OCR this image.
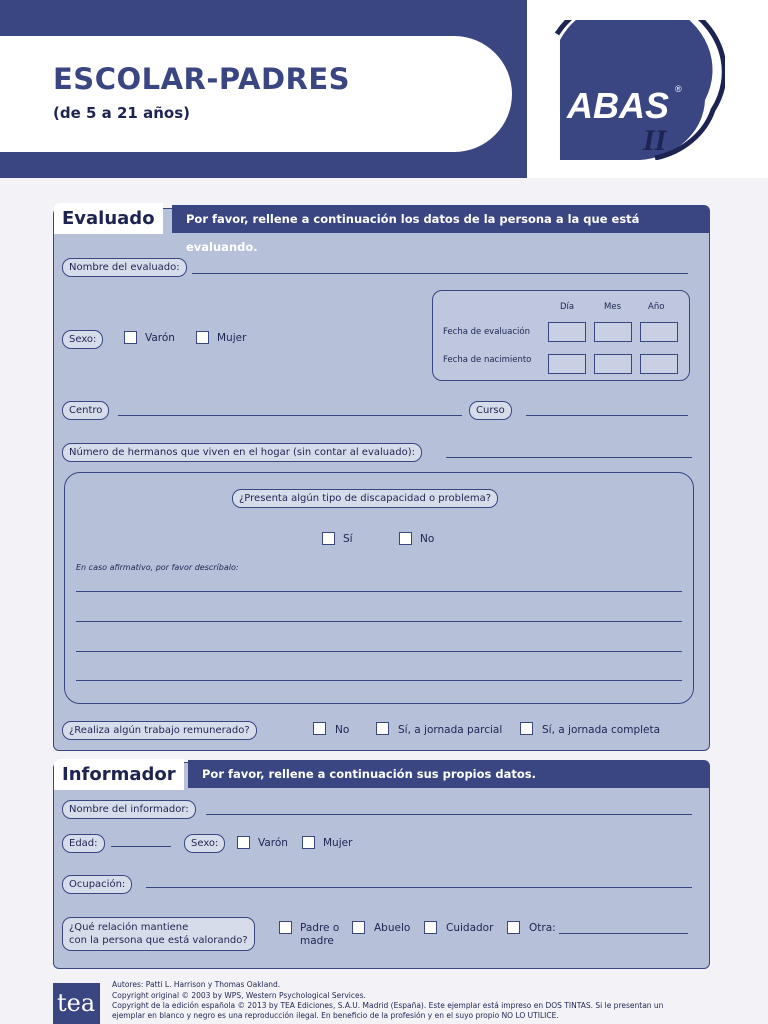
ESCOLAR-PADRES
(de 5 a 21 años)	ABAS ®
II
Evaluado	Por favor, rellene a continuación los datos de la persona a la que está evaluando.
Nombre del evaluado:
Sexo:	Varón	Mujer
Día	Mes	Año
Fecha de evaluación
Fecha de nacimiento
Centro	Curso
Número de hermanos que viven en el hogar (sin contar al evaluado):
¿Presenta algún tipo de discapacidad o problema?
Sí	No
En caso afirmativo, por favor descríbalo:
¿Realiza algún trabajo remunerado?	No	Sí, a jornada parcial	Sí, a jornada completa
Informador	Por favor, rellene a continuación sus propios datos.
Nombre del informador:
Edad:	Sexo:	Varón	Mujer
Ocupación:
¿Qué relación mantiene
con la persona que está valorando?
Padre o
madre
Abuelo	Cuidador	Otra:
tea
Autores: Patti L. Harrison y Thomas Oakland.
Copyright original © 2003 by WPS, Western Psychological Services.
Copyright de la edición española © 2013 by TEA Ediciones, S.A.U. Madrid (España). Este ejemplar está impreso en DOS TINTAS. Si le presentan un
ejemplar en blanco y negro es una reproducción ilegal. En beneficio de la profesión y en el suyo propio NO LO UTILICE.
